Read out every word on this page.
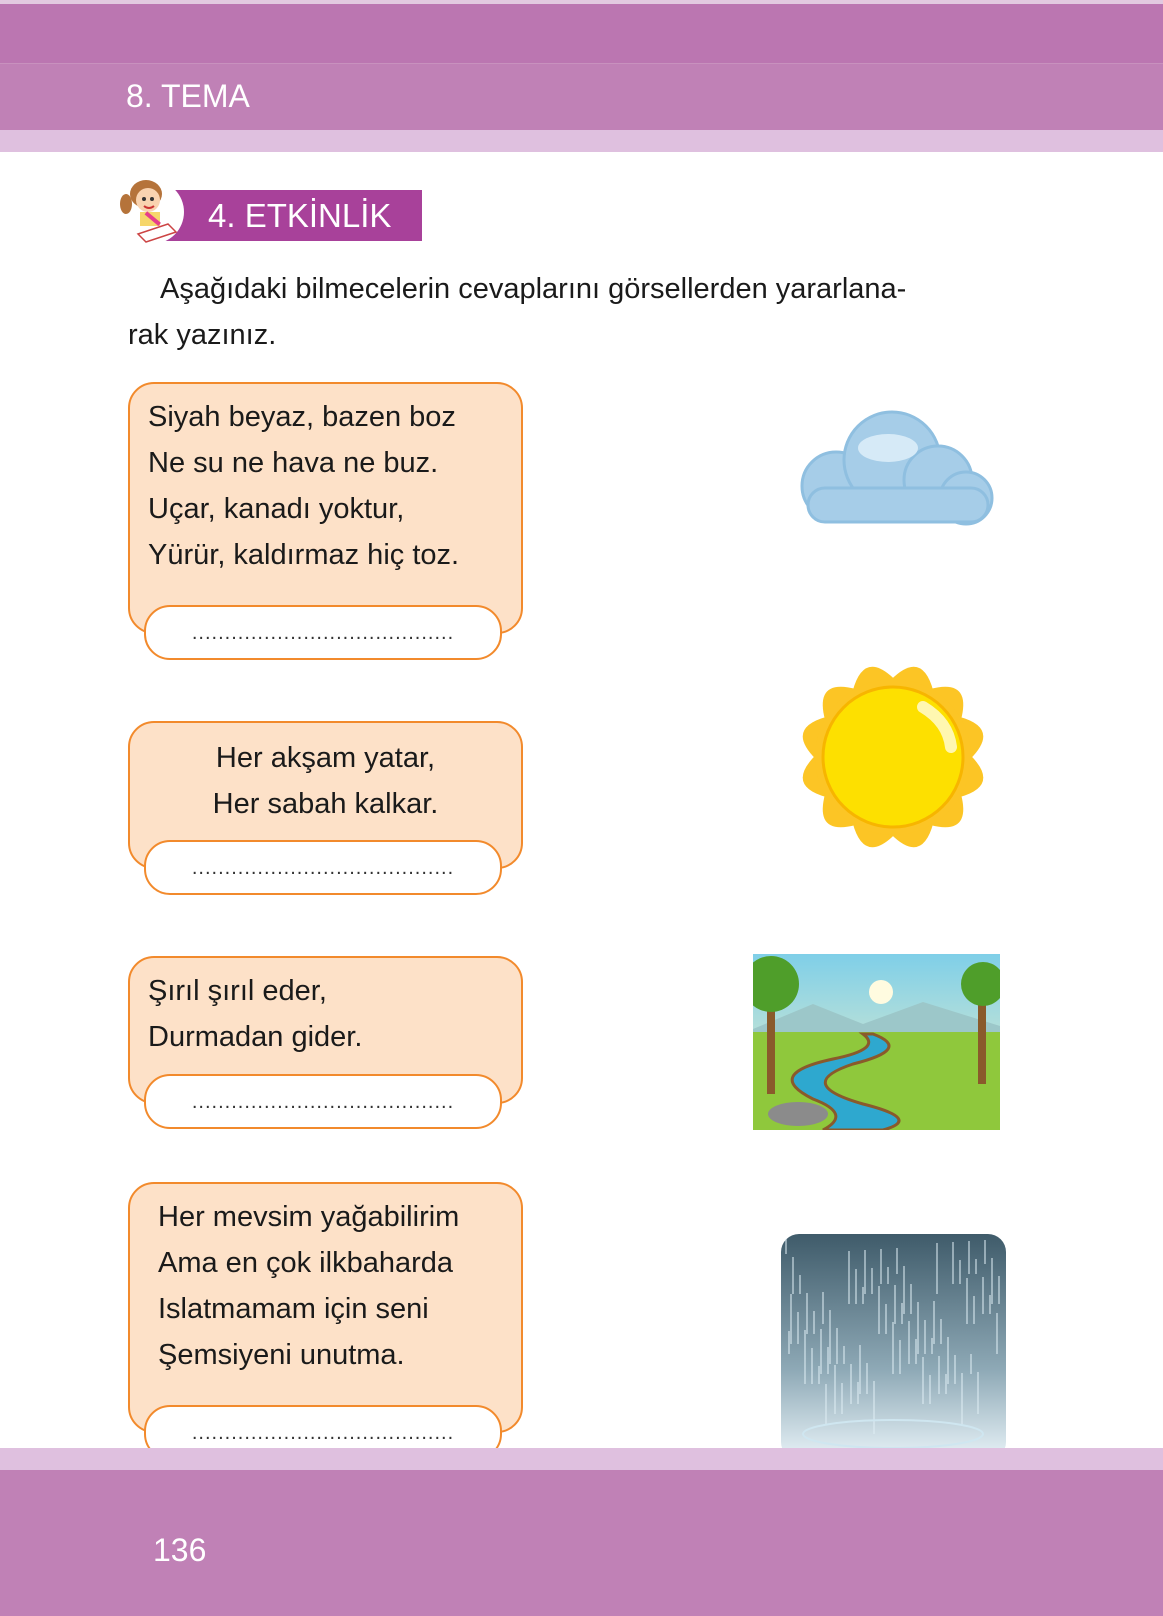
8. TEMA
4. ETKİNLİK
Aşağıdaki bilmecelerin cevaplarını görsellerden yararlana-
rak yazınız.
Siyah beyaz, bazen boz
Ne su ne hava ne buz.
Uçar, kanadı yoktur,
Yürür, kaldırmaz hiç toz.
........................................
Her akşam yatar,
Her sabah kalkar.
........................................
Şırıl şırıl eder,
Durmadan gider.
........................................
Her mevsim yağabilirim
Ama en çok ilkbaharda
Islatmamam için seni
Şemsiyeni unutma.
........................................
136
